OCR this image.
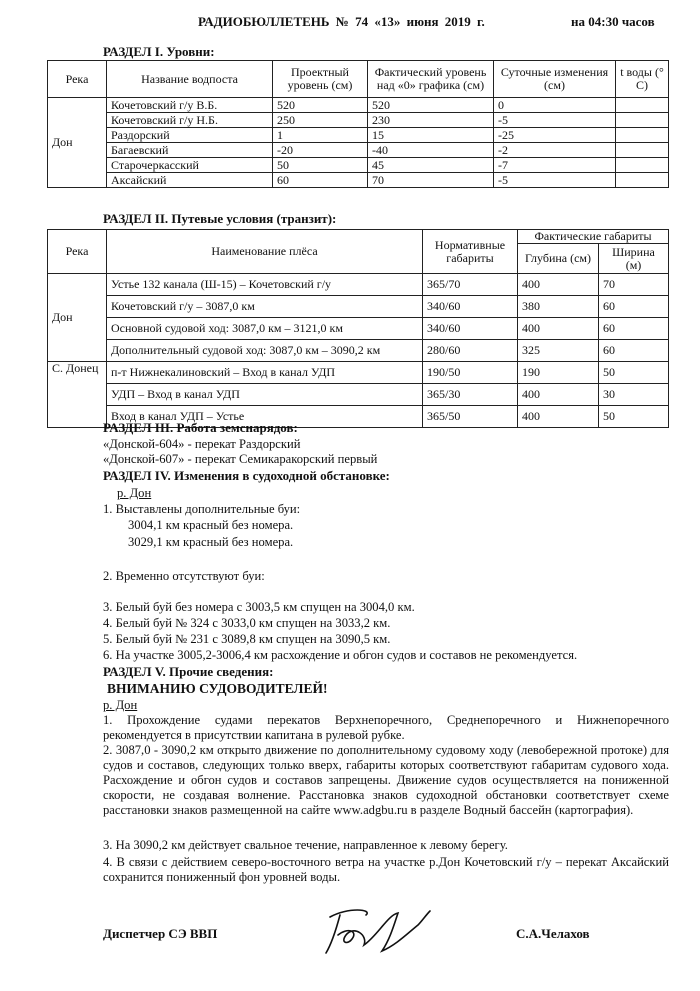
РАДИОБЮЛЛЕТЕНЬ № 74 «13» июня 2019 г.	на 04:30 часов
РАЗДЕЛ I. Уровни:
Река	Название водпоста	Проектный уровень (см)	Фактический уровень над «0» графика (см)	Суточные изменения (см)	t воды (° С)
Дон	Кочетовский г/у В.Б.	520	520	0	
	Кочетовский г/у Н.Б.	250	230	-5	
	Раздорский	1	15	-25	
	Багаевский	-20	-40	-2	
	Старочеркасский	50	45	-7	
	Аксайский	60	70	-5	
РАЗДЕЛ II. Путевые условия (транзит):
Река	Наименование плёса	Нормативные габариты	Фактические габариты	
			Глубина (см)	Ширина (м)
Дон	Устье 132 канала (Ш-15) – Кочетовский г/у	365/70	400	70
	Кочетовский г/у – 3087,0 км	340/60	380	60
	Основной судовой ход: 3087,0 км – 3121,0 км	340/60	400	60
	Дополнительный судовой ход: 3087,0 км – 3090,2 км	280/60	325	60
С. Донец	п-т Нижнекалиновский – Вход в канал УДП	190/50	190	50
	УДП – Вход в канал УДП	365/30	400	30
	Вход в канал УДП – Устье	365/50	400	50
РАЗДЕЛ III. Работа земснарядов:
«Донской-604» - перекат Раздорский
«Донской-607» - перекат Семикаракорский первый
РАЗДЕЛ IV. Изменения в судоходной обстановке:
р. Дон
1. Выставлены дополнительные буи:
3004,1 км красный без номера.
3029,1 км красный без номера.
2. Временно отсутствуют буи:
3. Белый буй без номера с 3003,5 км спущен на 3004,0 км.
4. Белый буй № 324 с 3033,0 км спущен на 3033,2 км.
5. Белый буй № 231 с 3089,8 км спущен на 3090,5 км.
6. На участке 3005,2-3006,4 км расхождение и обгон судов и составов не рекомендуется.
РАЗДЕЛ V. Прочие сведения:
ВНИМАНИЮ СУДОВОДИТЕЛЕЙ!
р. Дон
1. Прохождение судами перекатов Верхнепоречного, Среднепоречного и Нижнепоречного рекомендуется в присутствии капитана в рулевой рубке.
2. 3087,0 - 3090,2 км открыто движение по дополнительному судовому ходу (левобережной протоке) для судов и составов, следующих только вверх, габариты которых соответствуют габаритам судового хода. Расхождение и обгон судов и составов запрещены. Движение судов осуществляется на пониженной скорости, не создавая волнение. Расстановка знаков судоходной обстановки соответствует схеме расстановки знаков размещенной на сайте www.adgbu.ru в разделе Водный бассейн (картография).
3. На 3090,2 км действует свальное течение, направленное к левому берегу.
4. В связи с действием северо-восточного ветра на участке р.Дон Кочетовский г/у – перекат Аксайский сохранится пониженный фон уровней воды.
Диспетчер СЭ ВВП	С.А.Челахов
